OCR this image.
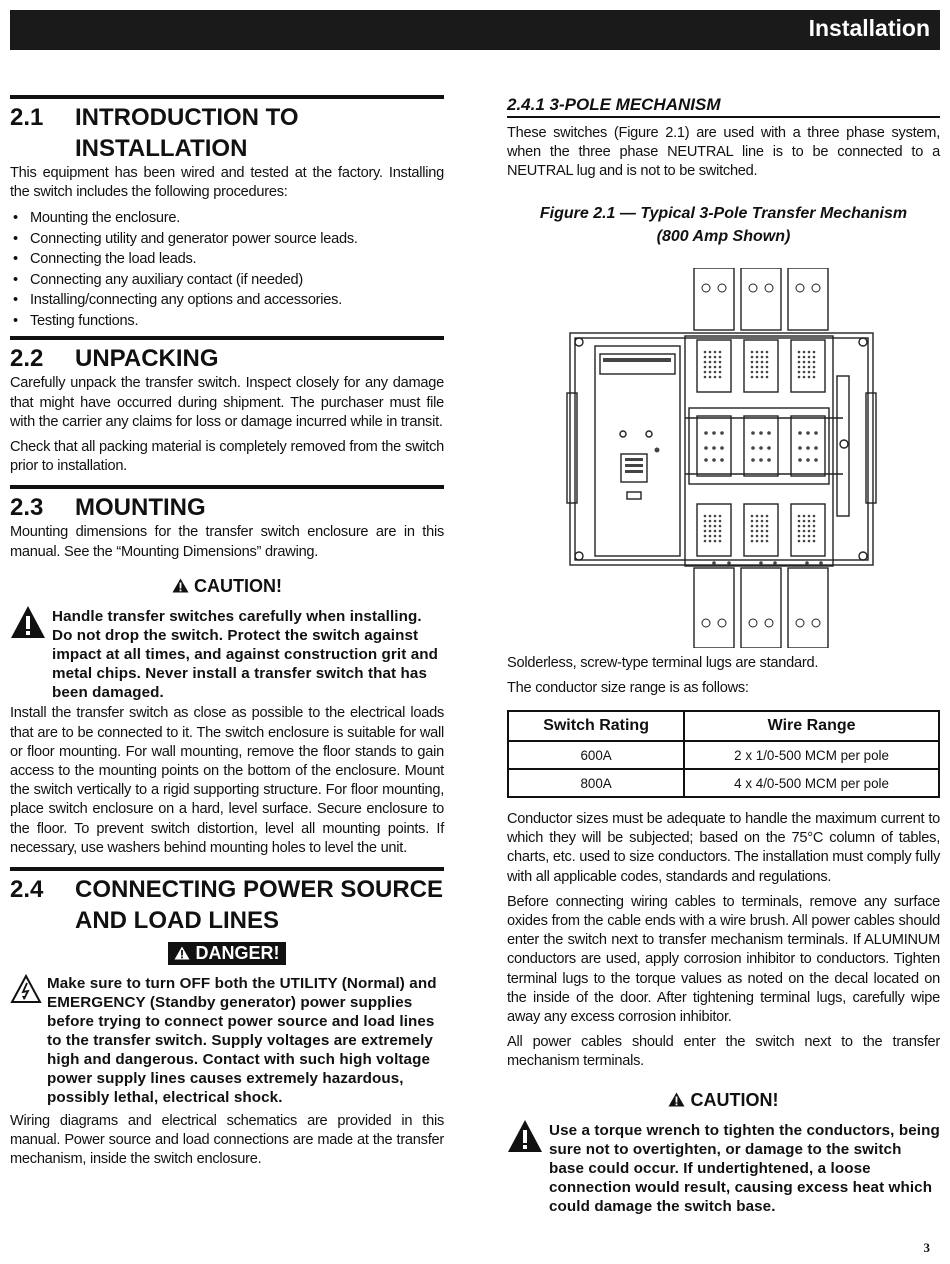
Installation
2.1	INTRODUCTION TO
INSTALLATION

This equipment has been wired and tested at the factory. Installing the switch includes the following procedures:

• Mounting the enclosure.
• Connecting utility and generator power source leads.
• Connecting the load leads.
• Connecting any auxiliary contact (if needed)
• Installing/connecting any options and accessories.
• Testing functions.
2.2	UNPACKING

Carefully unpack the transfer switch. Inspect closely for any damage that might have occurred during shipment. The purchaser must file with the carrier any claims for loss or damage incurred while in transit.

Check that all packing material is completely removed from the switch prior to installation.

2.3	MOUNTING

Mounting dimensions for the transfer switch enclosure are in this manual. See the “Mounting Dimensions” drawing.

CAUTION!
Handle transfer switches carefully when installing. Do not drop the switch. Protect the switch against impact at all times, and against construction grit and metal chips. Never install a transfer switch that has been damaged.

Install the transfer switch as close as possible to the electrical loads that are to be connected to it. The switch enclosure is suitable for wall or floor mounting. For wall mounting, remove the floor stands to gain access to the mounting points on the bottom of the enclosure. Mount the switch vertically to a rigid supporting structure. For floor mounting, place switch enclosure on a hard, level surface. Secure enclosure to the floor. To prevent switch distortion, level all mounting points. If necessary, use washers behind mounting holes to level the unit.

2.4	CONNECTING POWER SOURCE
AND LOAD LINES
DANGER!
Make sure to turn OFF both the UTILITY (Normal) and EMERGENCY (Standby generator) power supplies before trying to connect power source and load lines to the transfer switch. Supply voltages are extremely high and dangerous. Contact with such high voltage power supply lines causes extremely hazardous, possibly lethal, electrical shock.

Wiring diagrams and electrical schematics are provided in this manual. Power source and load connections are made at the transfer mechanism, inside the switch enclosure.

2.4.1 3-POLE MECHANISM

These switches (Figure 2.1) are used with a three phase system, when the three phase NEUTRAL line is to be connected to a NEUTRAL lug and is not to be switched.

Figure 2.1 — Typical 3-Pole Transfer Mechanism
(800 Amp Shown)

Solderless, screw-type terminal lugs are standard.

The conductor size range is as follows:

Switch Rating	Wire Range
600A	2 x 1/0-500 MCM per pole
800A	4 x 4/0-500 MCM per pole

Conductor sizes must be adequate to handle the maximum current to which they will be subjected; based on the 75°C column of tables, charts, etc. used to size conductors. The installation must comply fully with all applicable codes, standards and regulations.

Before connecting wiring cables to terminals, remove any surface oxides from the cable ends with a wire brush. All power cables should enter the switch next to transfer mechanism terminals. If ALUMINUM conductors are used, apply corrosion inhibitor to conductors. Tighten terminal lugs to the torque values as noted on the decal located on the inside of the door. After tightening terminal lugs, carefully wipe away any excess corrosion inhibitor.

All power cables should enter the switch next to the transfer mechanism terminals.

CAUTION!
Use a torque wrench to tighten the conductors, being sure not to overtighten, or damage to the switch base could occur. If undertightened, a loose connection would result, causing excess heat which could damage the switch base.
3
